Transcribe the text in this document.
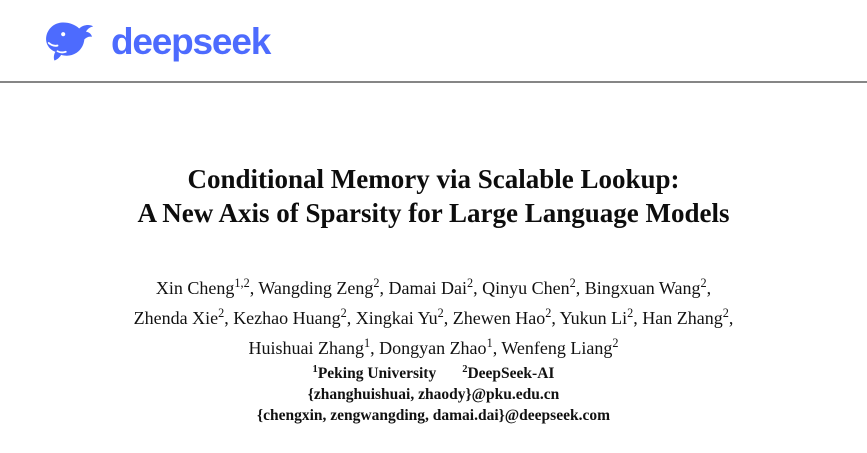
deepseek
Conditional Memory via Scalable Lookup:
A New Axis of Sparsity for Large Language Models
Xin Cheng$^{1,2}$, Wangding Zeng$^2$, Damai Dai$^2$, Qinyu Chen$^2$, Bingxuan Wang$^2$,
Zhenda Xie$^2$, Kezhao Huang$^2$, Xingkai Yu$^2$, Zhewen Hao$^2$, Yukun Li$^2$, Han Zhang$^2$,
Huishuai Zhang$^1$, Dongyan Zhao$^1$, Wenfeng Liang$^2$
$^1$Peking University $^2$DeepSeek-AI
{zhanghuishuai, zhaody}@pku.edu.cn
{chengxin, zengwangding, damai.dai}@deepseek.com
